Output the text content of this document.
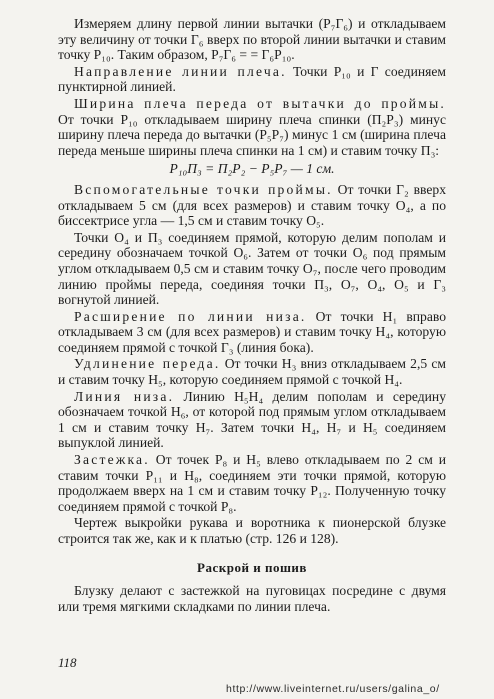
Измеряем длину первой линии вытачки (P₇Г₆) и откладываем эту величину от точки Г₆ вверх по второй линии вытачки и ставим точку P₁₀. Таким образом, P₇Г₆ = = Г₆P₁₀.

Направление линии плеча. Точки P₁₀ и Г соединяем пунктирной линией.

Ширина плеча переда от вытачки до проймы. От точки P₁₀ откладываем ширину плеча спинки (П₂P₃) минус ширину плеча переда до вытачки (P₅P₇) минус 1 см (ширина плеча переда меньше ширины плеча спинки на 1 см) и ставим точку П₃:

P₁₀П₃ = П₂P₂ − P₅P₇ — 1 см.

Вспомогательные точки проймы. От точки Г₂ вверх откладываем 5 см (для всех размеров) и ставим точку O₄, а по биссектрисе угла — 1,5 см и ставим точку O₅.

Точки O₄ и П₃ соединяем прямой, которую делим пополам и середину обозначаем точкой O₆. Затем от точки O₆ под прямым углом откладываем 0,5 см и ставим точку O₇, после чего проводим линию проймы переда, соединяя точки П₃, O₇, O₄, O₅ и Г₃ вогнутой линией.

Расширение по линии низа. От точки H₁ вправо откладываем 3 см (для всех размеров) и ставим точку H₄, которую соединяем прямой с точкой Г₃ (линия бока).

Удлинение переда. От точки H₃ вниз откладываем 2,5 см и ставим точку H₅, которую соединяем прямой с точкой H₄.

Линия низа. Линию H₅H₄ делим пополам и середину обозначаем точкой H₆, от которой под прямым углом откладываем 1 см и ставим точку H₇. Затем точки H₄, H₇ и H₅ соединяем выпуклой линией.

Застежка. От точек P₈ и H₅ влево откладываем по 2 см и ставим точки P₁₁ и H₈, соединяем эти точки прямой, которую продолжаем вверх на 1 см и ставим точку P₁₂. Полученную точку соединяем прямой с точкой P₈.

Чертеж выкройки рукава и воротника к пионерской блузке строится так же, как и к платью (стр. 126 и 128).

Раскрой и пошив

Блузку делают с застежкой на пуговицах посредине с двумя или тремя мягкими складками по линии плеча.

118
http://www.liveinternet.ru/users/galina_o/
